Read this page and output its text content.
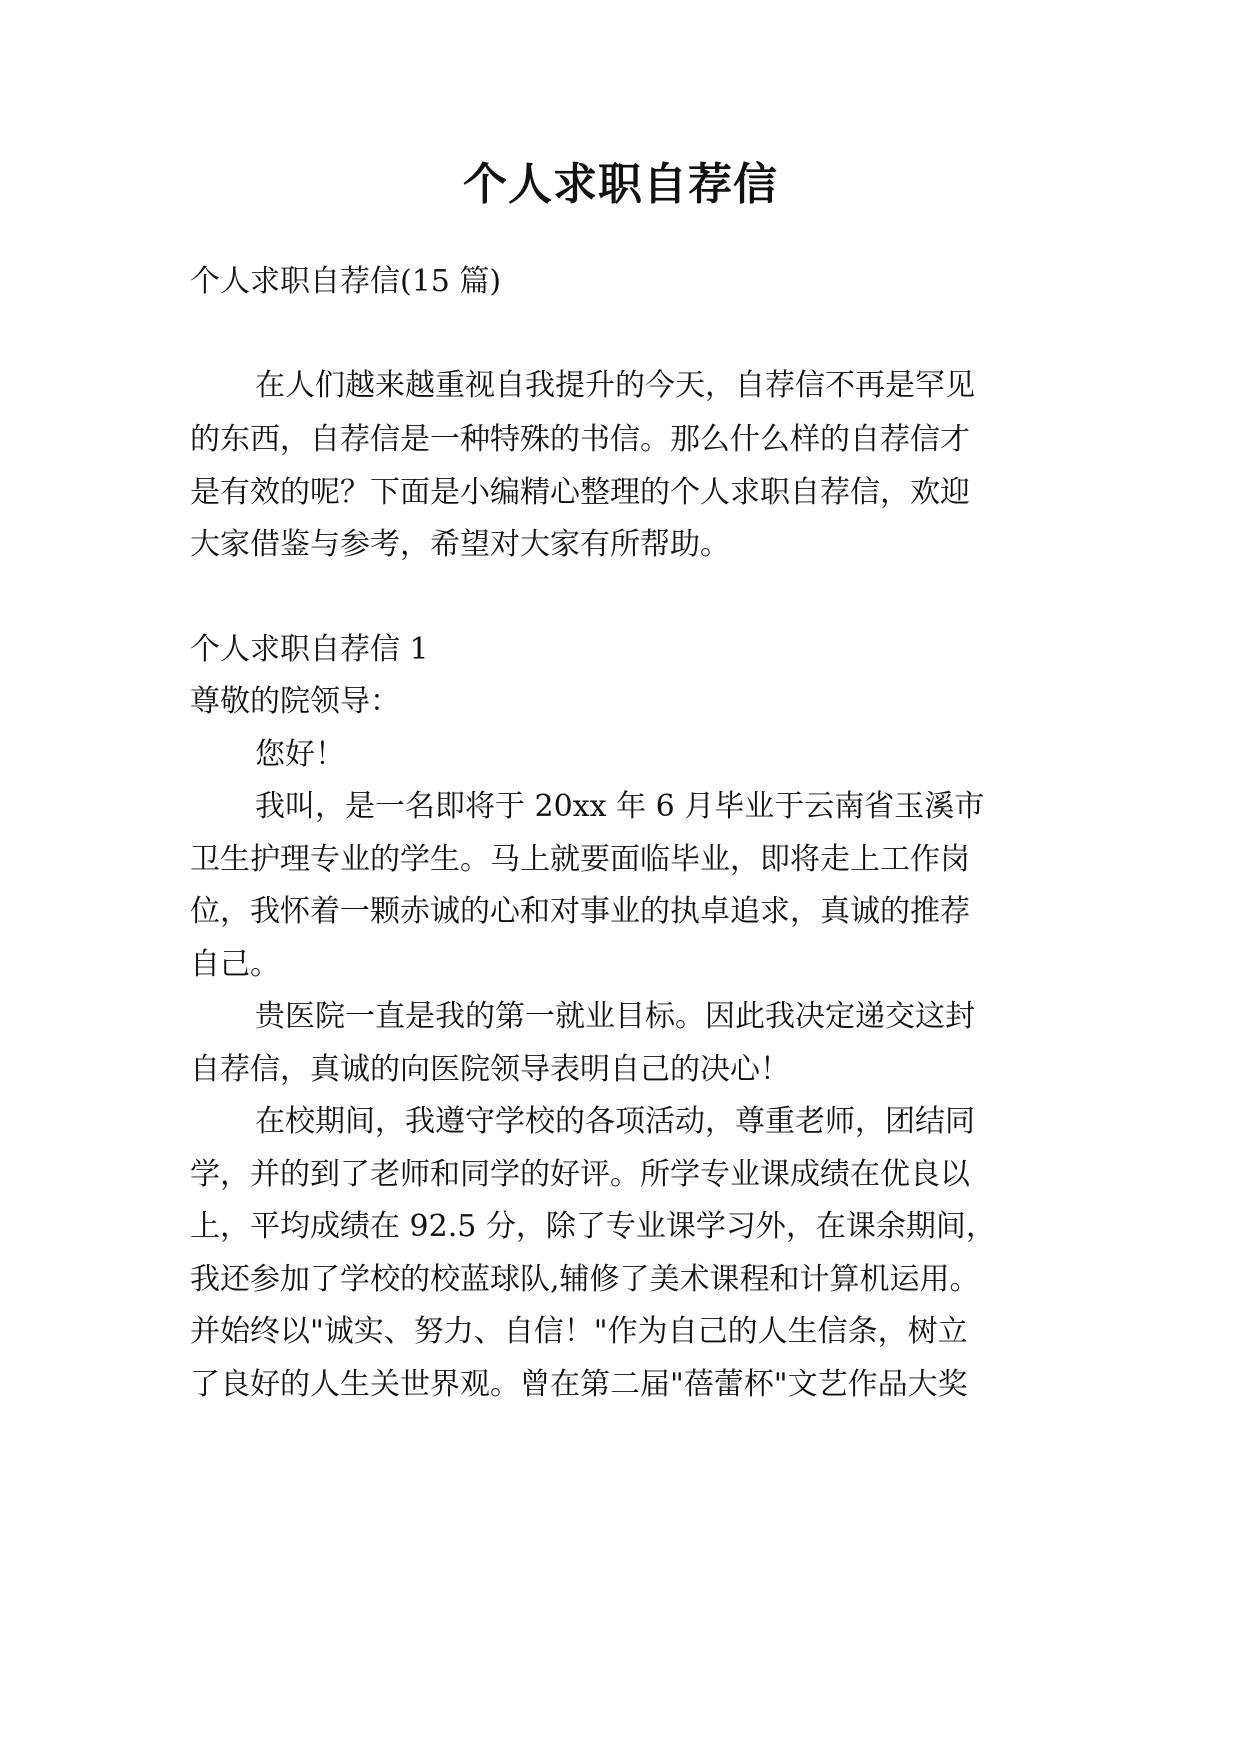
个人求职自荐信

个人求职自荐信(15 篇)

在人们越来越重视自我提升的今天，自荐信不再是罕见

的东西，自荐信是一种特殊的书信。那么什么样的自荐信才

是有效的呢？下面是小编精心整理的个人求职自荐信，欢迎

大家借鉴与参考，希望对大家有所帮助。

个人求职自荐信 1

尊敬的院领导：

您好！

我叫，是一名即将于 20xx 年 6 月毕业于云南省玉溪市

卫生护理专业的学生。马上就要面临毕业，即将走上工作岗

位，我怀着一颗赤诚的心和对事业的执卓追求，真诚的推荐

自己。

贵医院一直是我的第一就业目标。因此我决定递交这封

自荐信，真诚的向医院领导表明自己的决心！

在校期间，我遵守学校的各项活动，尊重老师，团结同

学，并的到了老师和同学的好评。所学专业课成绩在优良以

上，平均成绩在 92.5 分，除了专业课学习外，在课余期间，

我还参加了学校的校蓝球队,辅修了美术课程和计算机运用。

并始终以"诚实、努力、自信！"作为自己的人生信条，树立

了良好的人生关世界观。曾在第二届"蓓蕾杯"文艺作品大奖
